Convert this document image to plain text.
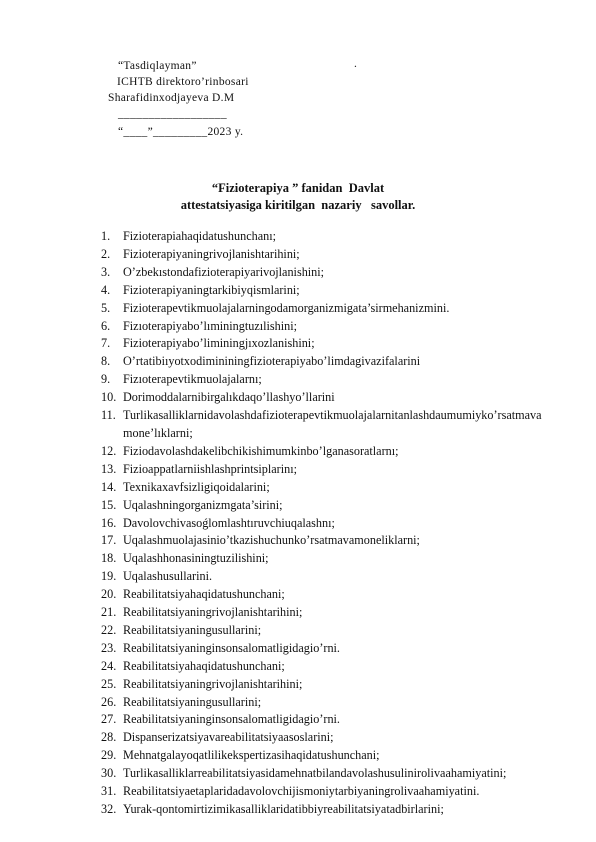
“Tasdiqlayman”
ICHTB direktoro’rinbosari
Sharafidinxodjayeva D.M
__________________
“____”_________2023 y.
.
“Fizioterapiya ” fanidan  Davlat
attestatsiyasiga kiritilgan  nazariy   savollar.
1. Fizioterapiahaqidatushunchanı;
2. Fizioterapiyaningrivojlanishtarihini;
3. O’zbekıstondafizioterapiyarivojlanishini;
4. Fizioterapiyaningtarkibiyqismlarini;
5. Fizioterapevtikmuolajalarningodamorganizmigata’sirmehanizmini.
6. Fizıoterapiyabo’lıminingtuzılishini;
7. Fizioterapiyabo’liminingjıxozlanishini;
8. O’rtatibiıyotxodimininingfizioterapiyabo’limdagivazifalarini
9. Fizıoterapevtikmuolajalarnı;
10. Dorimoddalarnibirgalıkdaqo’llashyo’llarini
11. Turlikasalliklarnidavolashdafizioterapevtikmuolajalarnitanlashdaumumiyko’rsatmavamone’lıklarni;
12. Fiziodavolashdakelibchikishimumkinbo’lganasoratlarnı;
13. Fizioappatlarniishlashprintsiplarinı;
14. Texnikaxavfsizligiqoidalarini;
15. Uqalashningorganizmgata’sirini;
16. Davolovchivasoǵlomlashtıruvchiuqalashnı;
17. Uqalashmuolajasinio’tkazishuchunko’rsatmavamoneliklarni;
18. Uqalashhonasiningtuzilishini;
19. Uqalashusullarini.
20. Reabilitatsiyahaqidatushunchani;
21. Reabilitatsiyaningrivojlanishtarihini;
22. Reabilitatsiyaningusullarini;
23. Reabilitatsiyaninginsonsalomatligidagio’rni.
24. Reabilitatsiyahaqidatushunchani;
25. Reabilitatsiyaningrivojlanishtarihini;
26. Reabilitatsiyaningusullarini;
27. Reabilitatsiyaninginsonsalomatligidagio’rni.
28. Dispanserizatsiyavareabilitatsiyaasoslarini;
29. Mehnatgalayoqatlilikekspertizasihaqidatushunchani;
30. Turlikasalliklarreabilitatsiyasidamehnatbilandavolashusulinirolivaahamiyatini;
31. Reabilitatsiyaetaplaridadavolovchijismoniytarbiyaningrolivaahamiyatini.
32. Yurak-qontomirtizimikasalliklaridatibbiyreabilitatsiyatadbirlarini;
